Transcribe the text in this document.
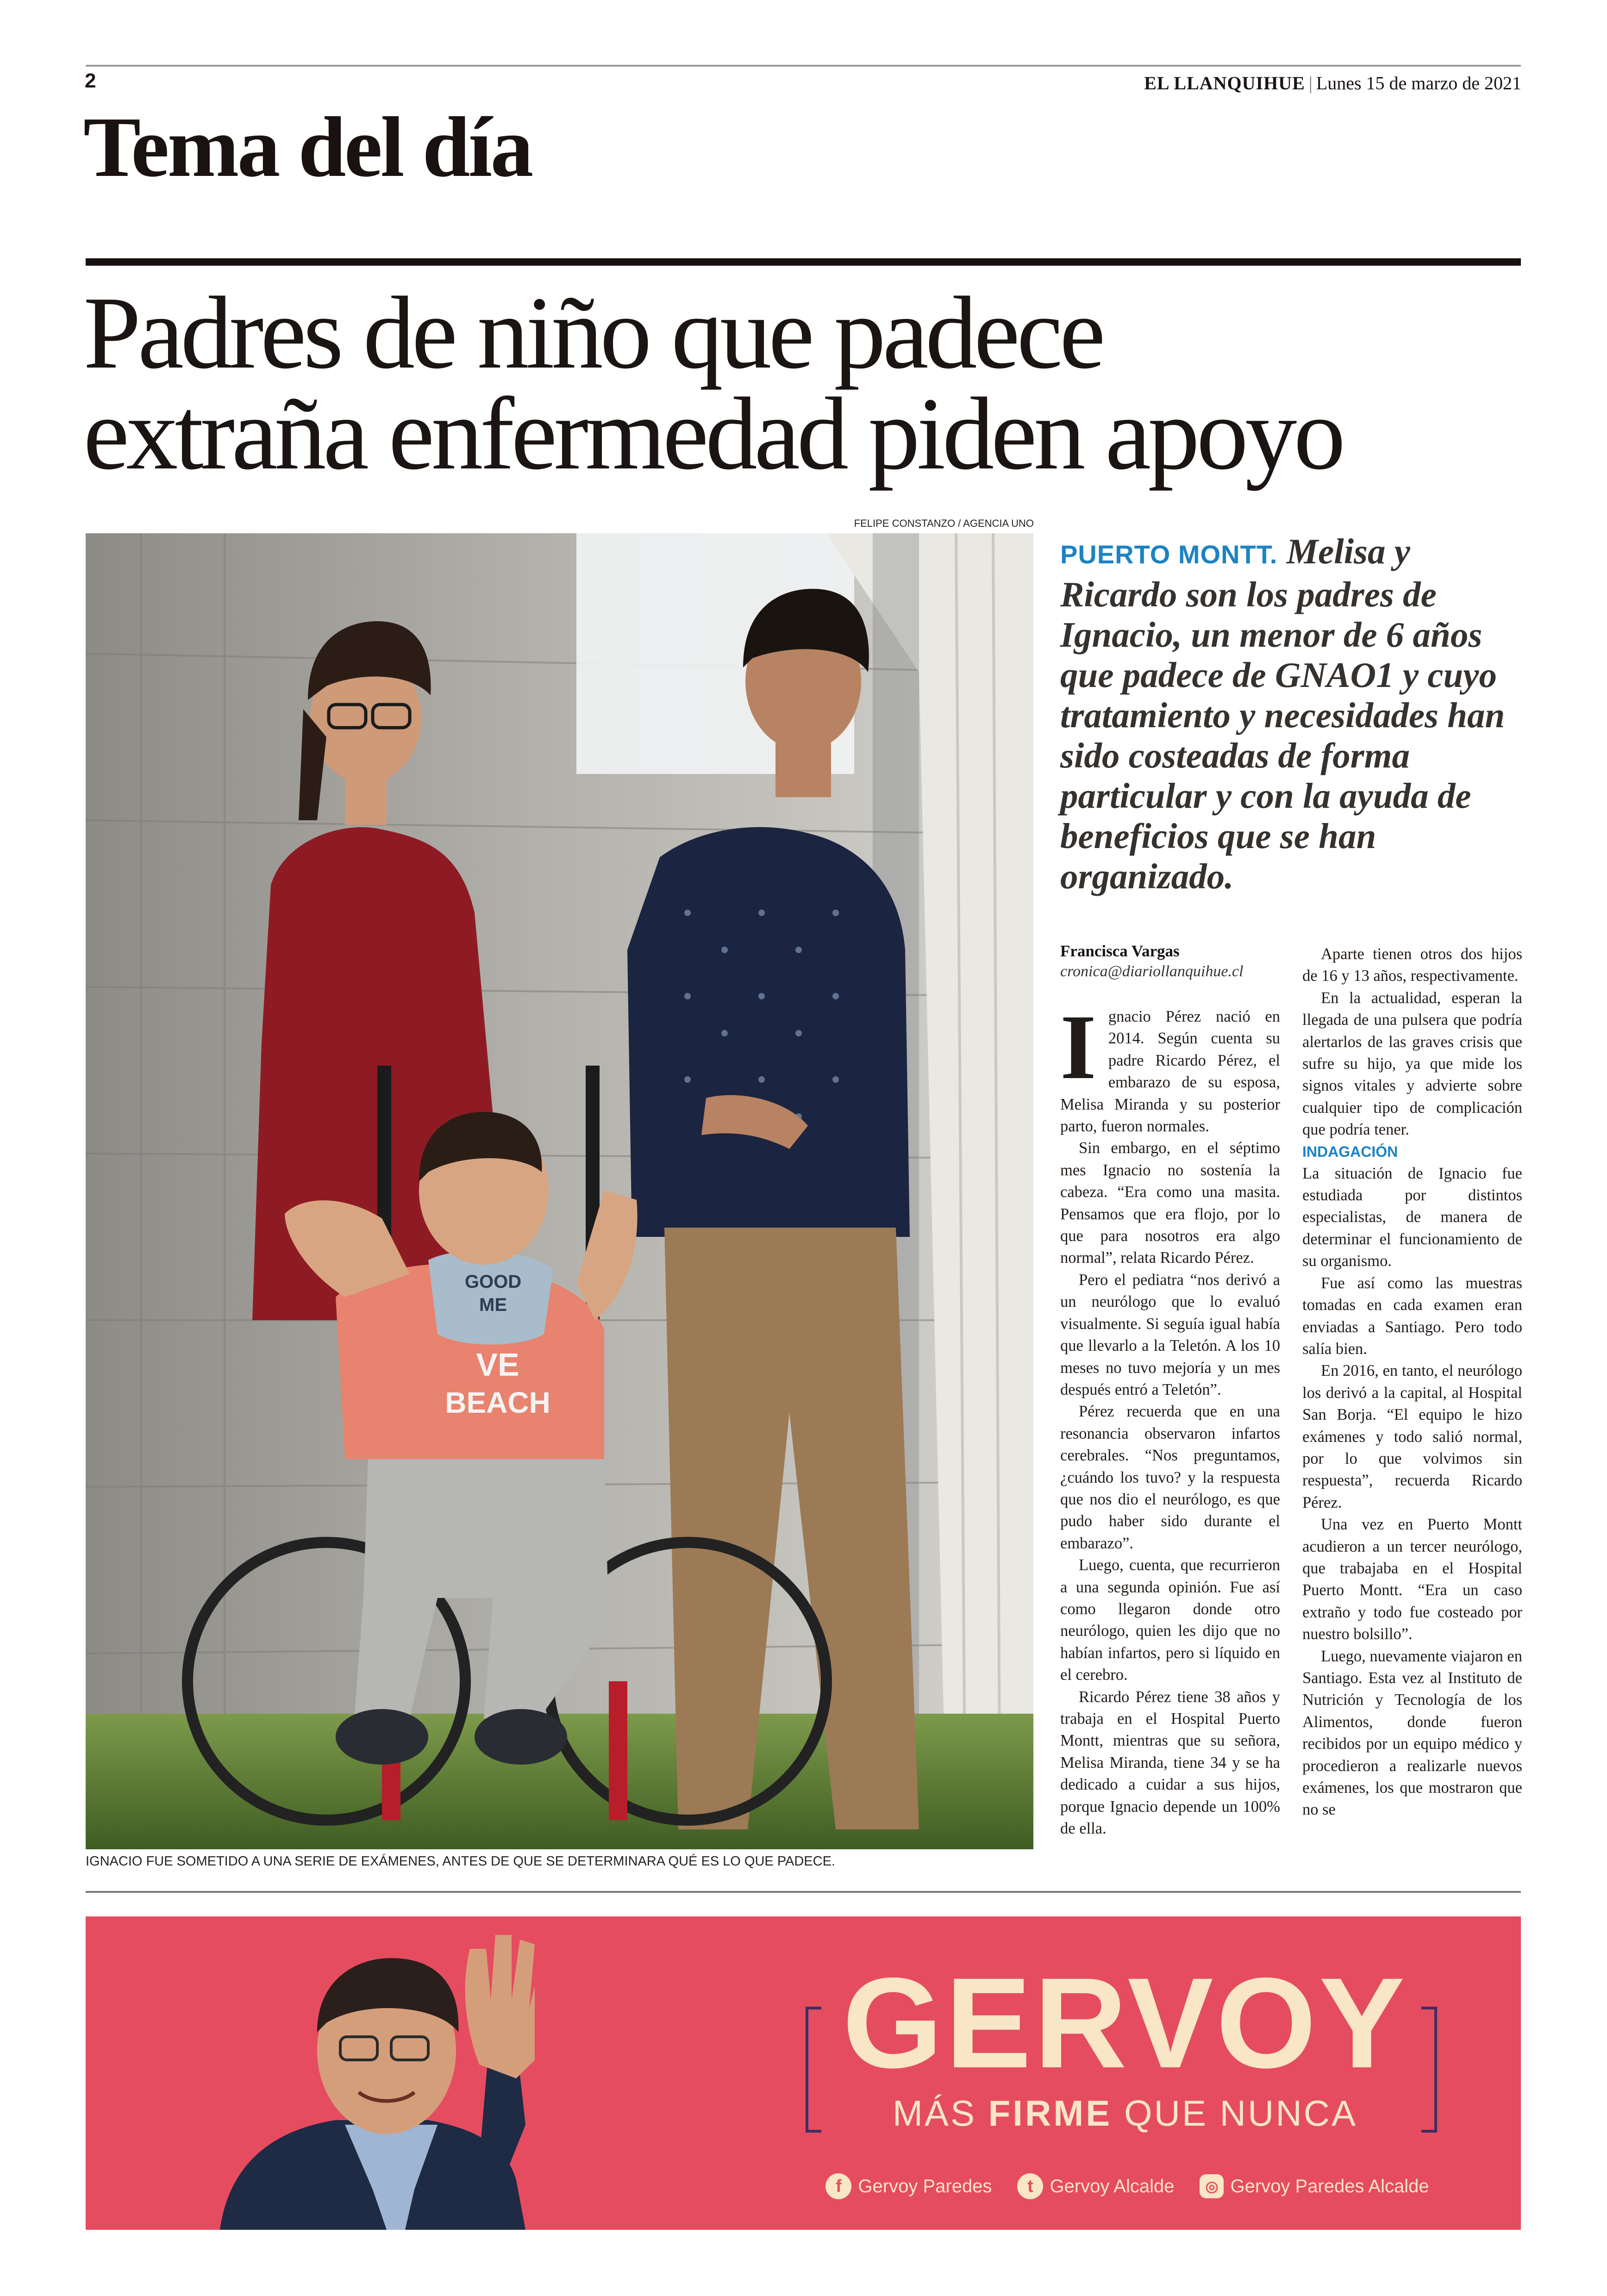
2	EL LLANQUIHUE | Lunes 15 de marzo de 2021
Tema del día
Padres de niño que padece
extraña enfermedad piden apoyo
FELIPE CONSTANZO / AGENCIA UNO
GOOD
ME
VE
BEACH
IGNACIO FUE SOMETIDO A UNA SERIE DE EXÁMENES, ANTES DE QUE SE DETERMINARA QUÉ ES LO QUE PADECE.
PUERTO MONTT. Melisa y Ricardo son los padres de Ignacio, un menor de 6 años que padece de GNAO1 y cuyo tratamiento y necesidades han sido costeadas de forma particular y con la ayuda de beneficios que se han organizado.
Francisca Vargas
cronica@diariollanquihue.cl

Ignacio Pérez nació en 2014. Según cuenta su padre Ricardo Pérez, el embarazo de su esposa, Melisa Miranda y su posterior parto, fueron normales.

Sin embargo, en el séptimo mes Ignacio no sostenía la cabeza. “Era como una masita. Pensamos que era flojo, por lo que para nosotros era algo normal”, relata Ricardo Pérez.

Pero el pediatra “nos derivó a un neurólogo que lo evaluó visualmente. Si seguía igual había que llevarlo a la Teletón. A los 10 meses no tuvo mejoría y un mes después entró a Teletón”.

Pérez recuerda que en una resonancia observaron infartos cerebrales. “Nos preguntamos, ¿cuándo los tuvo? y la respuesta que nos dio el neurólogo, es que pudo haber sido durante el embarazo”.

Luego, cuenta, que recurrieron a una segunda opinión. Fue así como llegaron donde otro neurólogo, quien les dijo que no habían infartos, pero si líquido en el cerebro.

Ricardo Pérez tiene 38 años y trabaja en el Hospital Puerto Montt, mientras que su señora, Melisa Miranda, tiene 34 y se ha dedicado a cuidar a sus hijos, porque Ignacio depende un 100% de ella.

Aparte tienen otros dos hijos de 16 y 13 años, respectivamente.

En la actualidad, esperan la llegada de una pulsera que podría alertarlos de las graves crisis que sufre su hijo, ya que mide los signos vitales y advierte sobre cualquier tipo de complicación que podría tener.

INDAGACIÓN

La situación de Ignacio fue estudiada por distintos especialistas, de manera de determinar el funcionamiento de su organismo.

Fue así como las muestras tomadas en cada examen eran enviadas a Santiago. Pero todo salía bien.

En 2016, en tanto, el neurólogo los derivó a la capital, al Hospital San Borja. “El equipo le hizo exámenes y todo salió normal, por lo que volvimos sin respuesta”, recuerda Ricardo Pérez.

Una vez en Puerto Montt acudieron a un tercer neurólogo, que trabajaba en el Hospital Puerto Montt. “Era un caso extraño y todo fue costeado por nuestro bolsillo”.

Luego, nuevamente viajaron en Santiago. Esta vez al Instituto de Nutrición y Tecnología de los Alimentos, donde fueron recibidos por un equipo médico y procedieron a realizarle nuevos exámenes, los que mostraron que no se

GERVOY
MÁS FIRME QUE NUNCA
f Gervoy Paredes	t Gervoy Alcalde	◎ Gervoy Paredes Alcalde
